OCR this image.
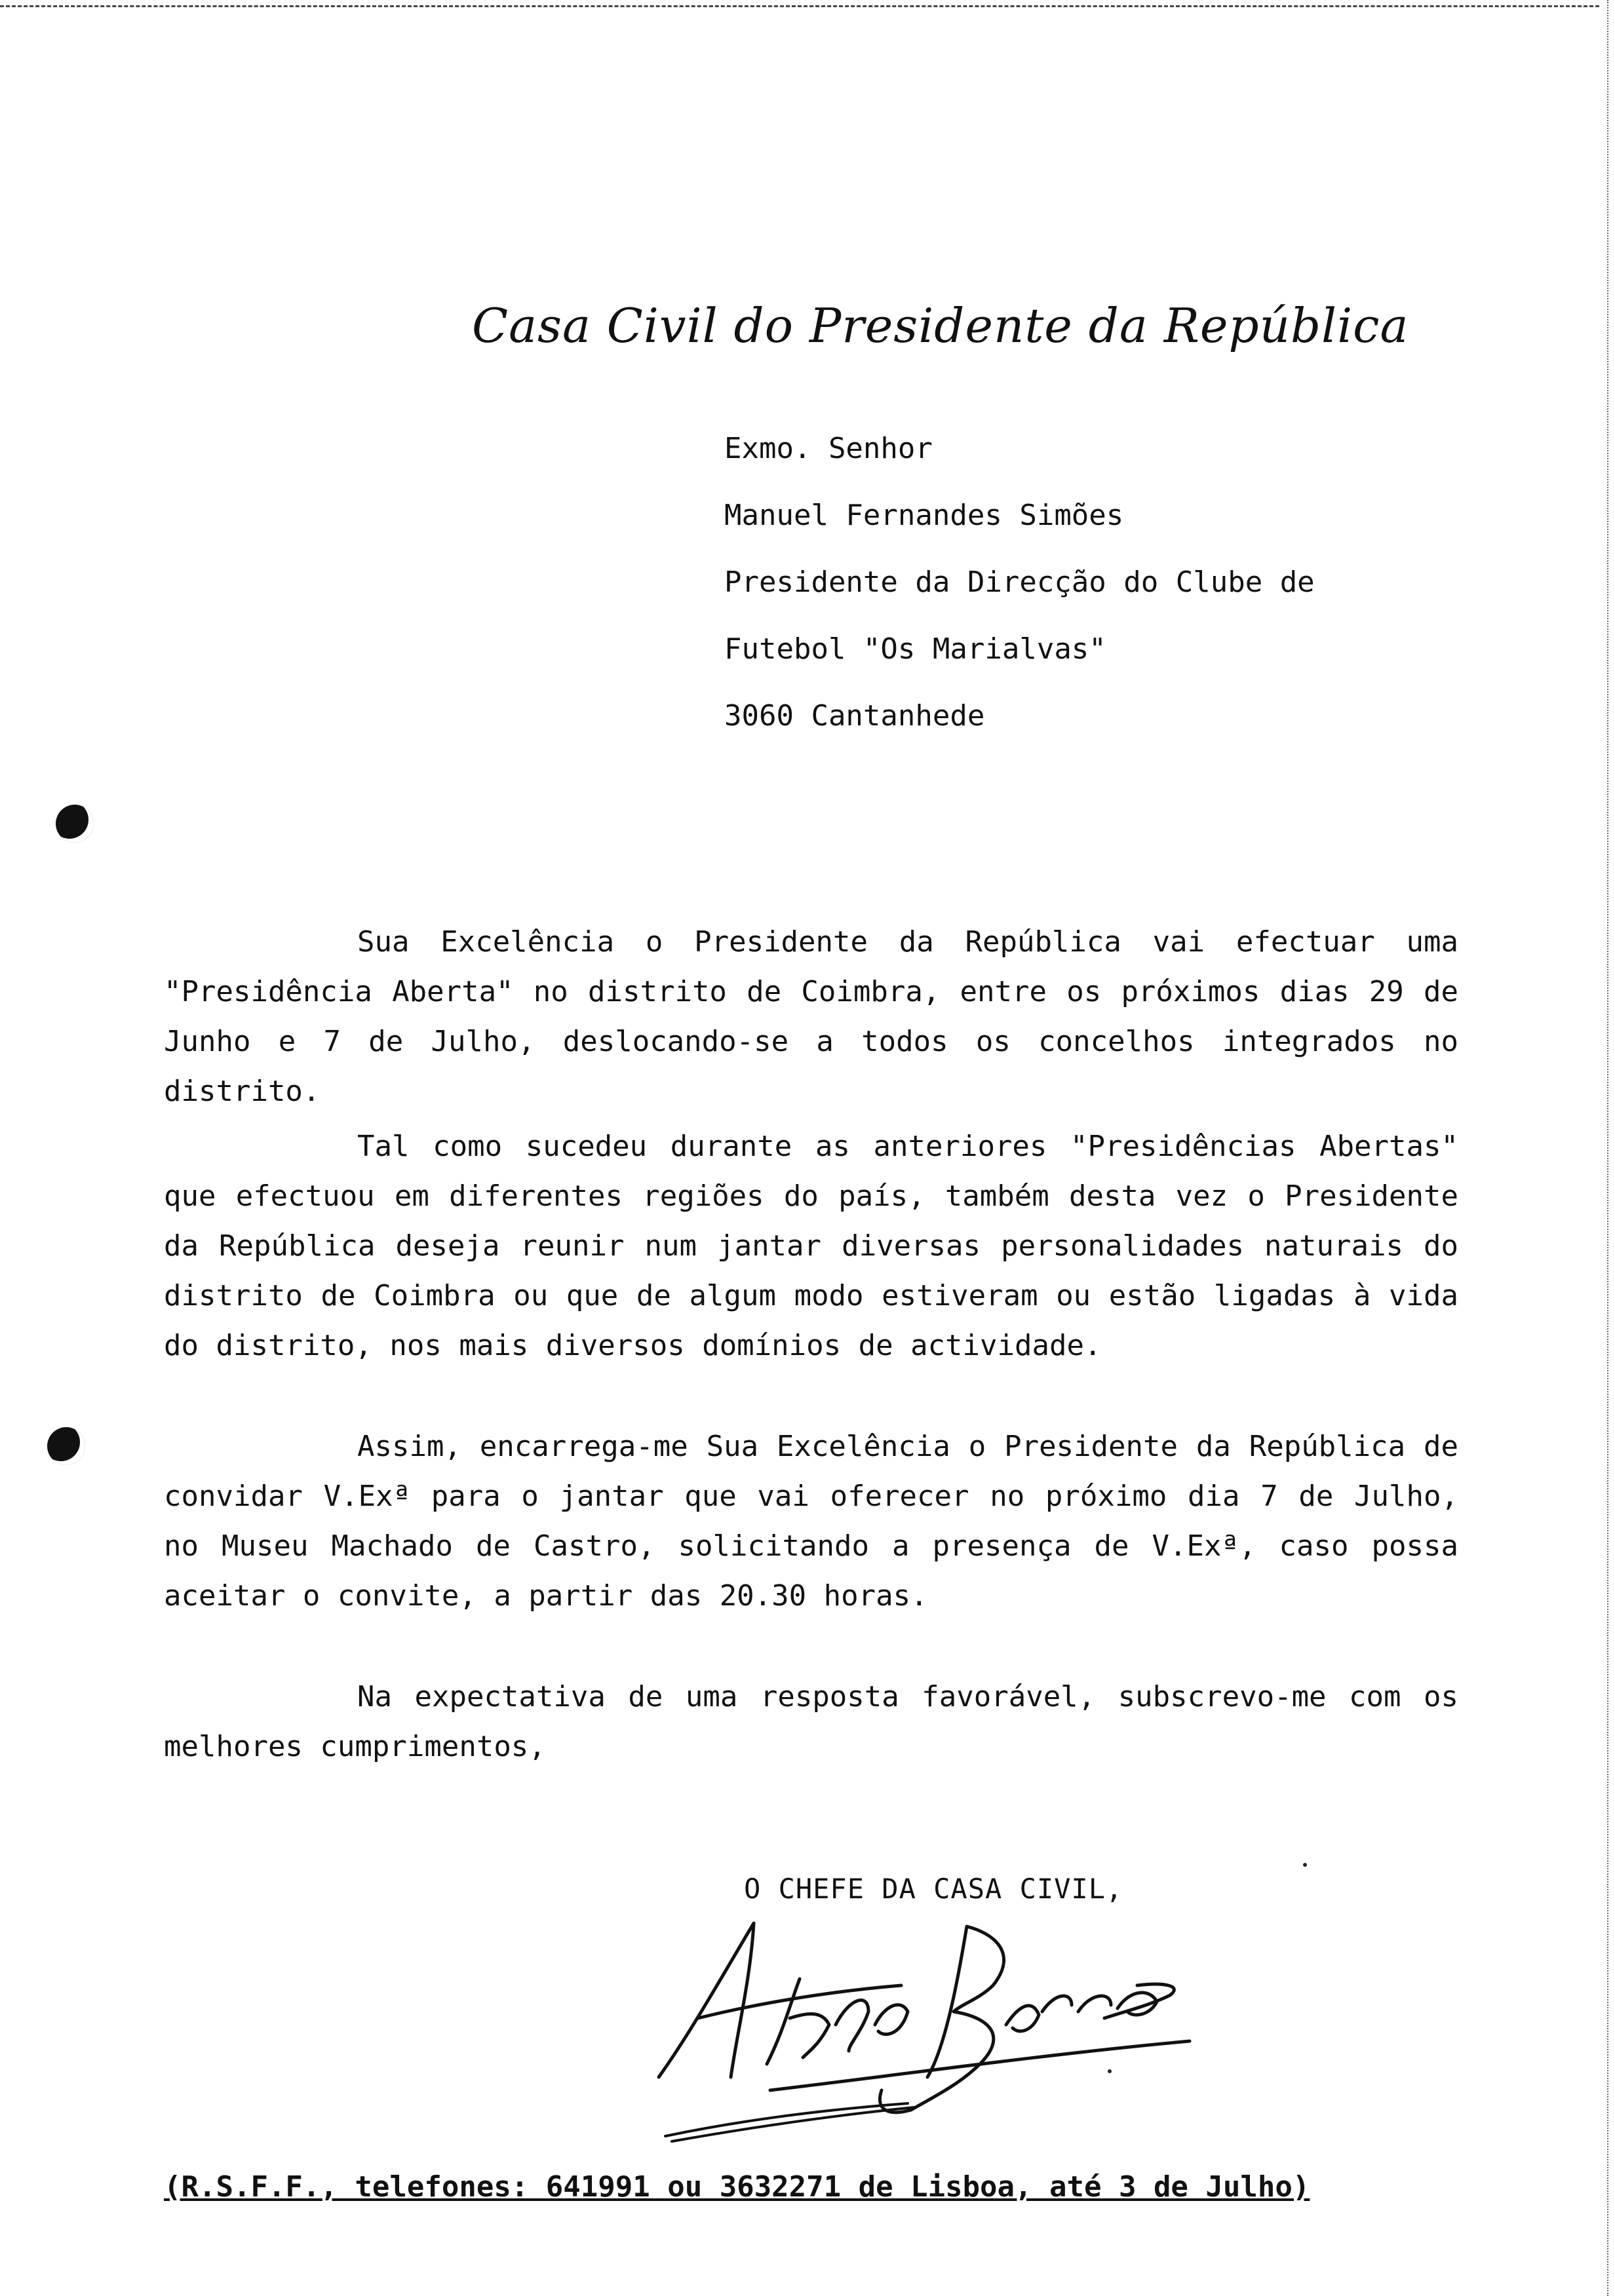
Casa Civil do Presidente da República
Exmo. Senhor
Manuel Fernandes Simões
Presidente da Direcção do Clube de
Futebol "Os Marialvas"
3060 Cantanhede

Sua Excelência o Presidente da República vai efectuar uma "Presidência Aberta" no distrito de Coimbra, entre os próximos dias 29 de Junho e 7 de Julho, deslocando-se a todos os concelhos integrados no distrito.

Tal como sucedeu durante as anteriores "Presidências Abertas" que efectuou em diferentes regiões do país, também desta vez o Presidente da República deseja reunir num jantar diversas personalidades naturais do distrito de Coimbra ou que de algum modo estiveram ou estão ligadas à vida do distrito, nos mais diversos domínios de actividade.

Assim, encarrega-me Sua Excelência o Presidente da República de convidar V.Exª para o jantar que vai oferecer no próximo dia 7 de Julho, no Museu Machado de Castro, solicitando a presença de V.Exª, caso possa aceitar o convite, a partir das 20.30 horas.

Na expectativa de uma resposta favorável, subscrevo-me com os melhores cumprimentos,

O CHEFE DA CASA CIVIL,
(R.S.F.F., telefones: 641991 ou 3632271 de Lisboa, até 3 de Julho)
